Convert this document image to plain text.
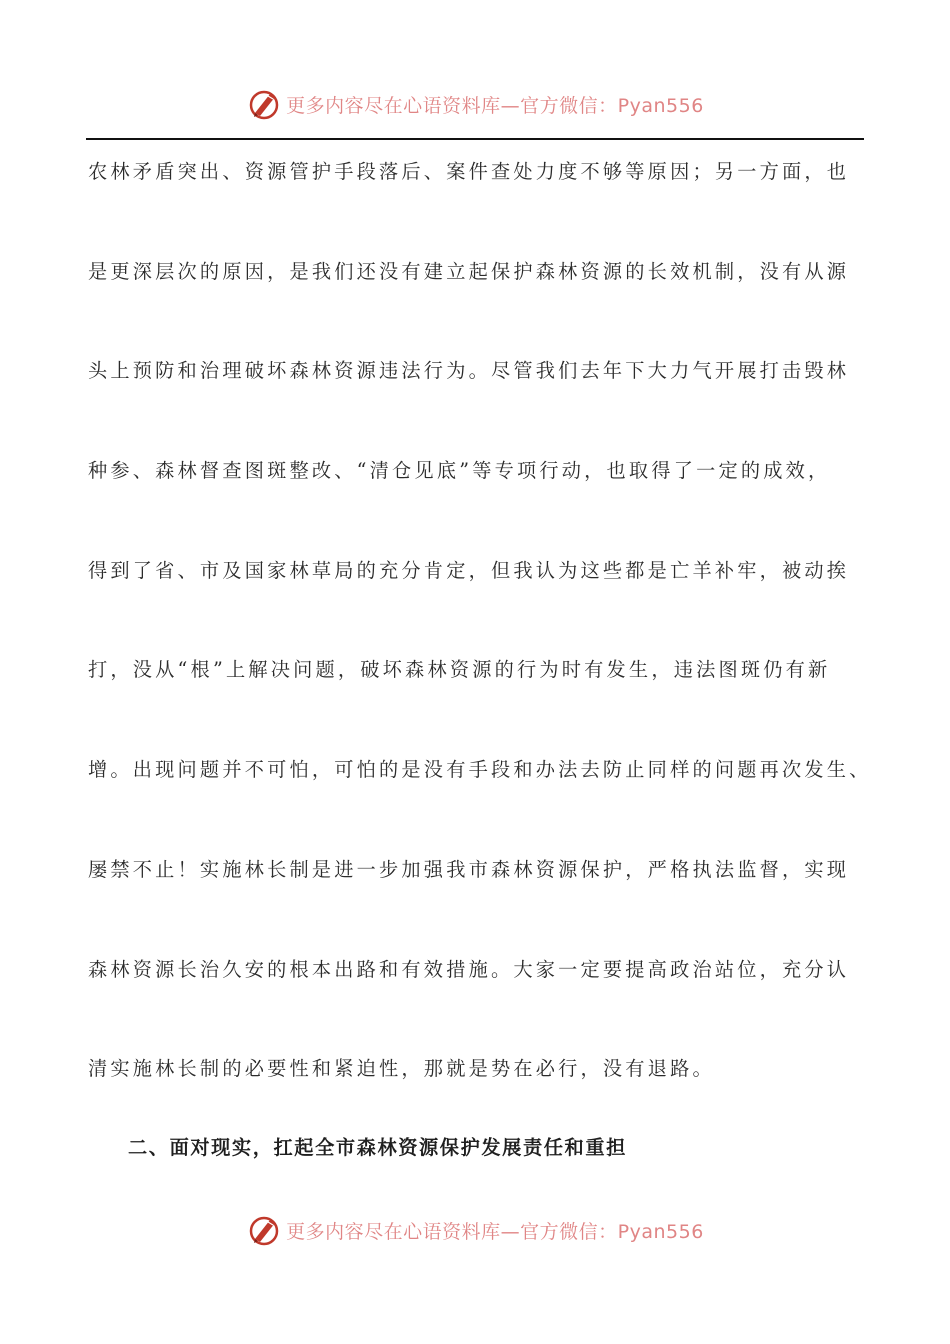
更多内容尽在心语资料库—官方微信：Pyan556
农林矛盾突出、资源管护手段落后、案件查处力度不够等原因；另一方面，也
是更深层次的原因，是我们还没有建立起保护森林资源的长效机制，没有从源
头上预防和治理破坏森林资源违法行为。尽管我们去年下大力气开展打击毁林
种参、森林督查图斑整改、“清仓见底”等专项行动，也取得了一定的成效，
得到了省、市及国家林草局的充分肯定，但我认为这些都是亡羊补牢，被动挨
打，没从“根”上解决问题，破坏森林资源的行为时有发生，违法图斑仍有新
增。出现问题并不可怕，可怕的是没有手段和办法去防止同样的问题再次发生、
屡禁不止！实施林长制是进一步加强我市森林资源保护，严格执法监督，实现
森林资源长治久安的根本出路和有效措施。大家一定要提高政治站位，充分认
清实施林长制的必要性和紧迫性，那就是势在必行，没有退路。
二、面对现实，扛起全市森林资源保护发展责任和重担
更多内容尽在心语资料库—官方微信：Pyan556
